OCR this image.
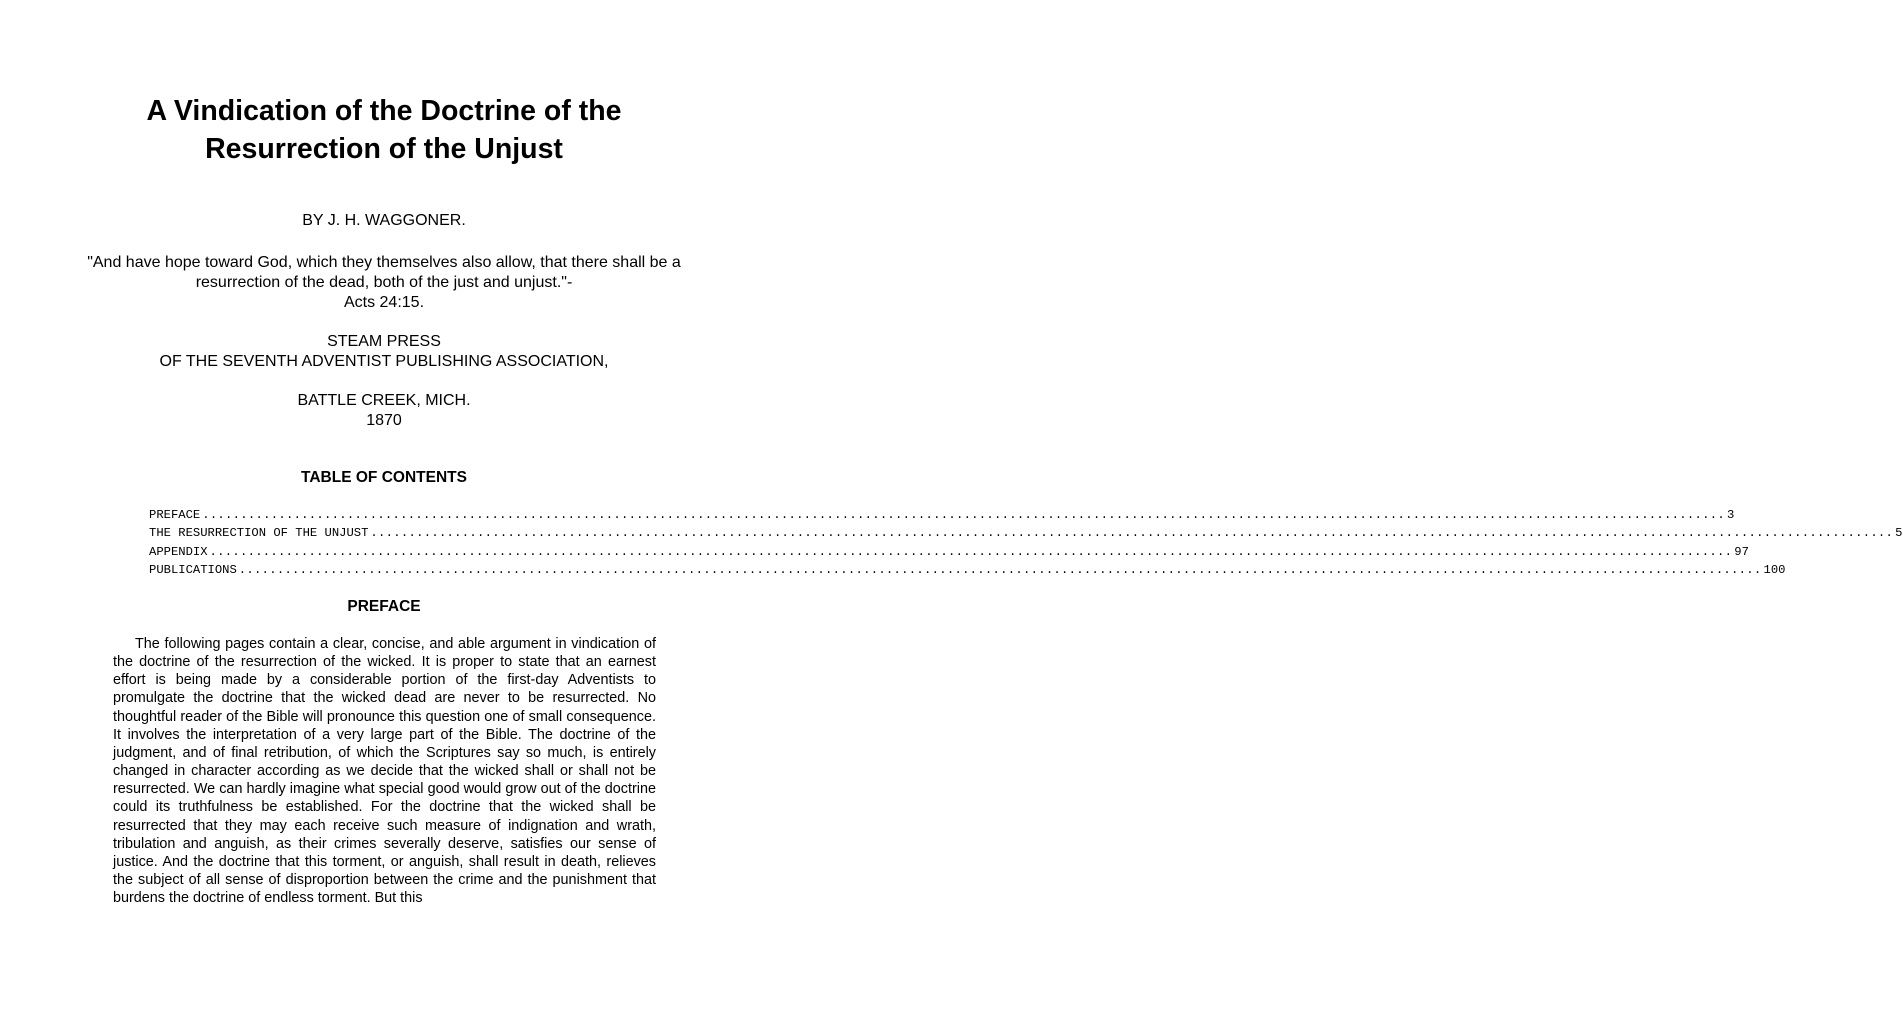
A Vindication of the Doctrine of the Resurrection of the Unjust
BY J. H. WAGGONER.
"And have hope toward God, which they themselves also allow, that there shall be a resurrection of the dead, both of the just and unjust."-
Acts 24:15.
STEAM PRESS
OF THE SEVENTH ADVENTIST PUBLISHING ASSOCIATION,
BATTLE CREEK, MICH.
1870
TABLE OF CONTENTS
PREFACE ........................................................................................................................................................................................................ 3
THE RESURRECTION OF THE UNJUST ........................................................................................................................................................................................................ 5
APPENDIX ........................................................................................................................................................................................................ 97
PUBLICATIONS ........................................................................................................................................................................................................ 100
PREFACE

The following pages contain a clear, concise, and able argument in vindication of the doctrine of the resurrection of the wicked. It is proper to state that an earnest effort is being made by a considerable portion of the first-day Adventists to promulgate the doctrine that the wicked dead are never to be resurrected. No thoughtful reader of the Bible will pronounce this question one of small consequence. It involves the interpretation of a very large part of the Bible. The doctrine of the judgment, and of final retribution, of which the Scriptures say so much, is entirely changed in character according as we decide that the wicked shall or shall not be resurrected. We can hardly imagine what special good would grow out of the doctrine could its truthfulness be established. For the doctrine that the wicked shall be resurrected that they may each receive such measure of indignation and wrath, tribulation and anguish, as their crimes severally deserve, satisfies our sense of justice. And the doctrine that this torment, or anguish, shall result in death, relieves the subject of all sense of disproportion between the crime and the punishment that burdens the doctrine of endless torment. But this
